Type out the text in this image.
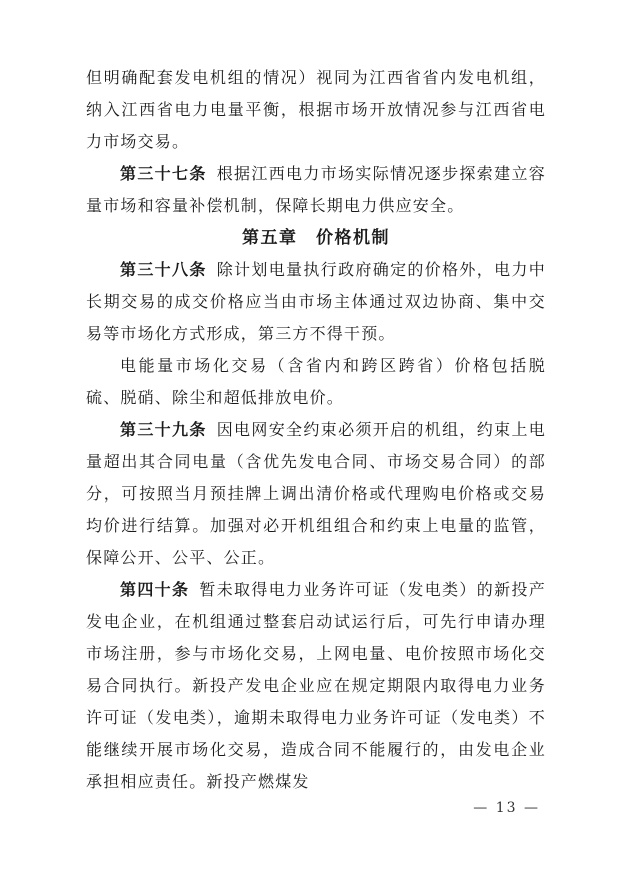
但明确配套发电机组的情况）视同为江西省省内发电机组，纳入江西省电力电量平衡，根据市场开放情况参与江西省电力市场交易。

第三十七条 根据江西电力市场实际情况逐步探索建立容量市场和容量补偿机制，保障长期电力供应安全。

第五章　价格机制

第三十八条 除计划电量执行政府确定的价格外，电力中长期交易的成交价格应当由市场主体通过双边协商、集中交易等市场化方式形成，第三方不得干预。

电能量市场化交易（含省内和跨区跨省）价格包括脱硫、脱硝、除尘和超低排放电价。

第三十九条 因电网安全约束必须开启的机组，约束上电量超出其合同电量（含优先发电合同、市场交易合同）的部分，可按照当月预挂牌上调出清价格或代理购电价格或交易均价进行结算。加强对必开机组组合和约束上电量的监管，保障公开、公平、公正。

第四十条 暂未取得电力业务许可证（发电类）的新投产发电企业，在机组通过整套启动试运行后，可先行申请办理市场注册，参与市场化交易，上网电量、电价按照市场化交易合同执行。新投产发电企业应在规定期限内取得电力业务许可证（发电类），逾期未取得电力业务许可证（发电类）不能继续开展市场化交易，造成合同不能履行的，由发电企业承担相应责任。新投产燃煤发

— 13 —
